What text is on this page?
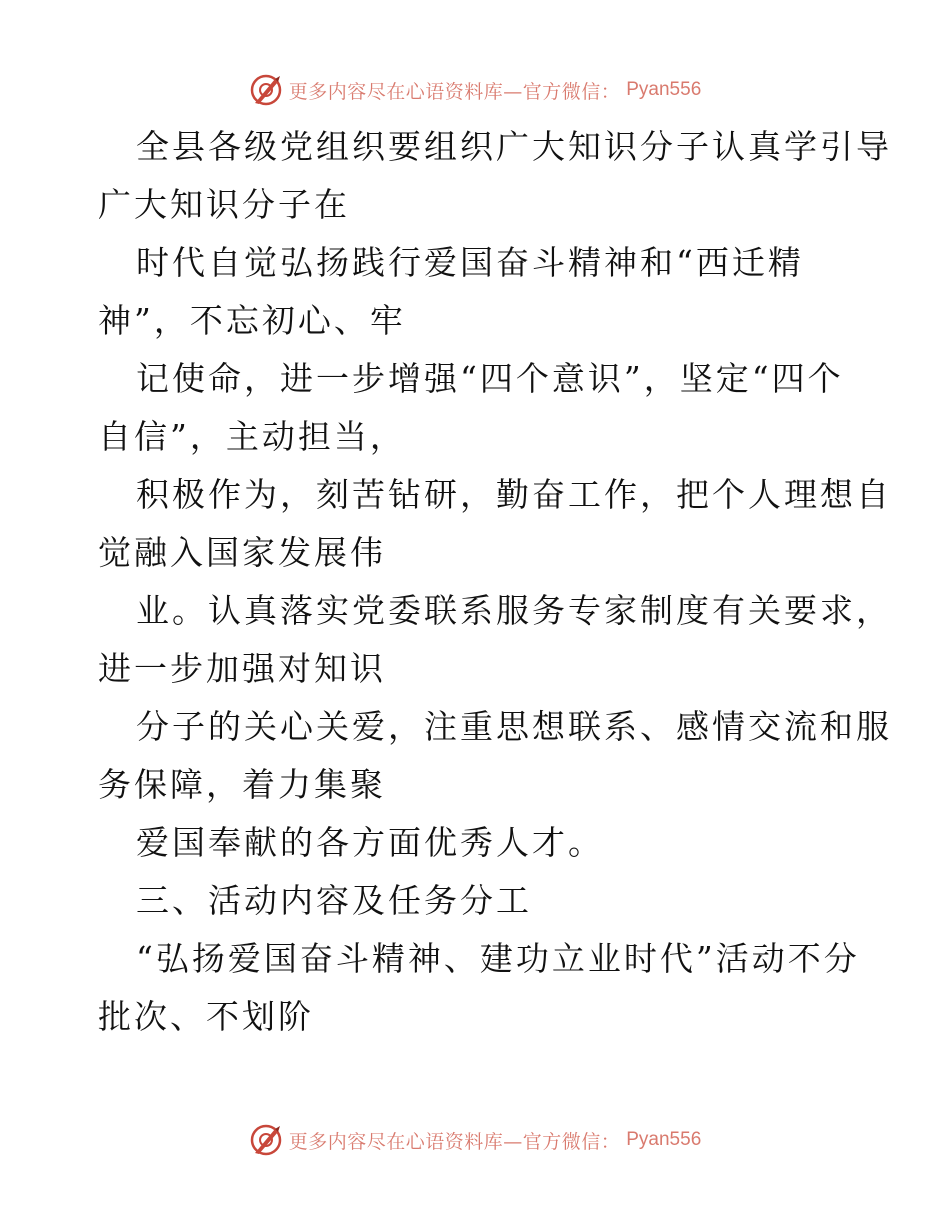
更多内容尽在心语资料库—官方微信： Pyan556
全县各级党组织要组织广大知识分子认真学引导
广大知识分子在
时代自觉弘扬践行爱国奋斗精神和“西迁精
神”，不忘初心、牢
记使命，进一步增强“四个意识”，坚定“四个
自信”，主动担当，
积极作为，刻苦钻研，勤奋工作，把个人理想自
觉融入国家发展伟
业。认真落实党委联系服务专家制度有关要求，
进一步加强对知识
分子的关心关爱，注重思想联系、感情交流和服
务保障，着力集聚
爱国奉献的各方面优秀人才。
三、活动内容及任务分工
“弘扬爱国奋斗精神、建功立业时代”活动不分
批次、不划阶
更多内容尽在心语资料库—官方微信： Pyan556
